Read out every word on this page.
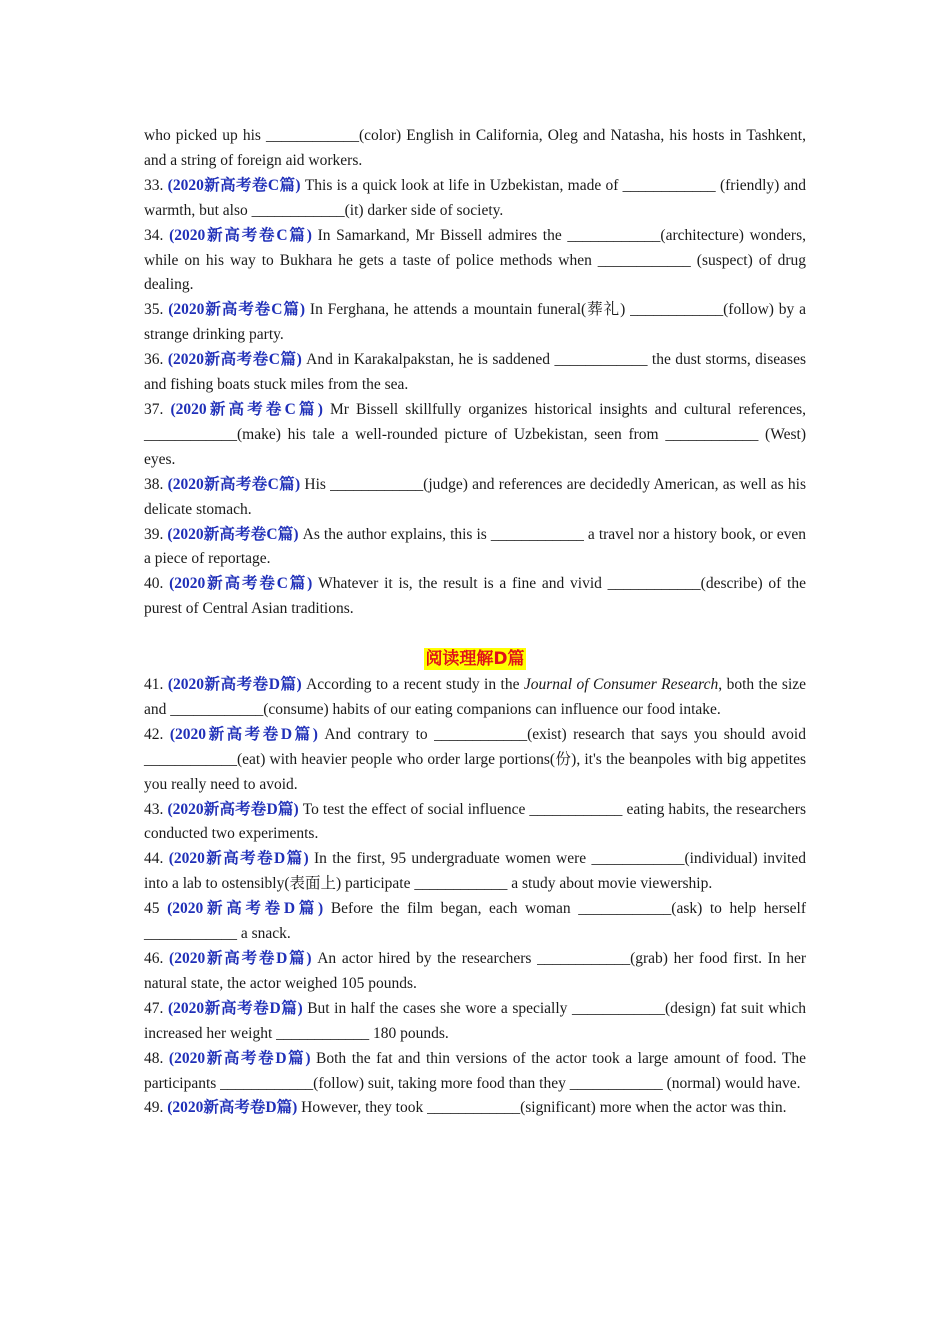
who picked up his ____________(color) English in California, Oleg and Natasha, his hosts in Tashkent, and a string of foreign aid workers.

33. (2020新高考卷C篇) This is a quick look at life in Uzbekistan, made of ____________ (friendly) and warmth, but also ____________(it) darker side of society.

34. (2020新高考卷C篇) In Samarkand, Mr Bissell admires the ____________(architecture) wonders, while on his way to Bukhara he gets a taste of police methods when ____________ (suspect) of drug dealing.

35. (2020新高考卷C篇) In Ferghana, he attends a mountain funeral(葬礼) ____________(follow) by a strange drinking party.

36. (2020新高考卷C篇) And in Karakalpakstan, he is saddened ____________ the dust storms, diseases and fishing boats stuck miles from the sea.

37. (2020新高考卷C篇) Mr Bissell skillfully organizes historical insights and cultural references, ____________(make) his tale a well-rounded picture of Uzbekistan, seen from ____________ (West) eyes.

38. (2020新高考卷C篇) His ____________(judge) and references are decidedly American, as well as his delicate stomach.

39. (2020新高考卷C篇) As the author explains, this is ____________ a travel nor a history book, or even a piece of reportage.

40. (2020新高考卷C篇) Whatever it is, the result is a fine and vivid ____________(describe) of the purest of Central Asian traditions.

阅读理解D篇

41. (2020新高考卷D篇) According to a recent study in the Journal of Consumer Research, both the size and ____________(consume) habits of our eating companions can influence our food intake.

42. (2020新高考卷D篇) And contrary to ____________(exist) research that says you should avoid ____________(eat) with heavier people who order large portions(份), it's the beanpoles with big appetites you really need to avoid.

43. (2020新高考卷D篇) To test the effect of social influence ____________ eating habits, the researchers conducted two experiments.

44. (2020新高考卷D篇) In the first, 95 undergraduate women were ____________(individual) invited into a lab to ostensibly(表面上) participate ____________ a study about movie viewership.

45 (2020新高考卷D篇) Before the film began, each woman ____________(ask) to help herself ____________ a snack.

46. (2020新高考卷D篇) An actor hired by the researchers ____________(grab) her food first. In her natural state, the actor weighed 105 pounds.

47. (2020新高考卷D篇) But in half the cases she wore a specially ____________(design) fat suit which increased her weight ____________ 180 pounds.

48. (2020新高考卷D篇) Both the fat and thin versions of the actor took a large amount of food. The participants ____________(follow) suit, taking more food than they ____________ (normal) would have.

49. (2020新高考卷D篇) However, they took ____________(significant) more when the actor was thin.
